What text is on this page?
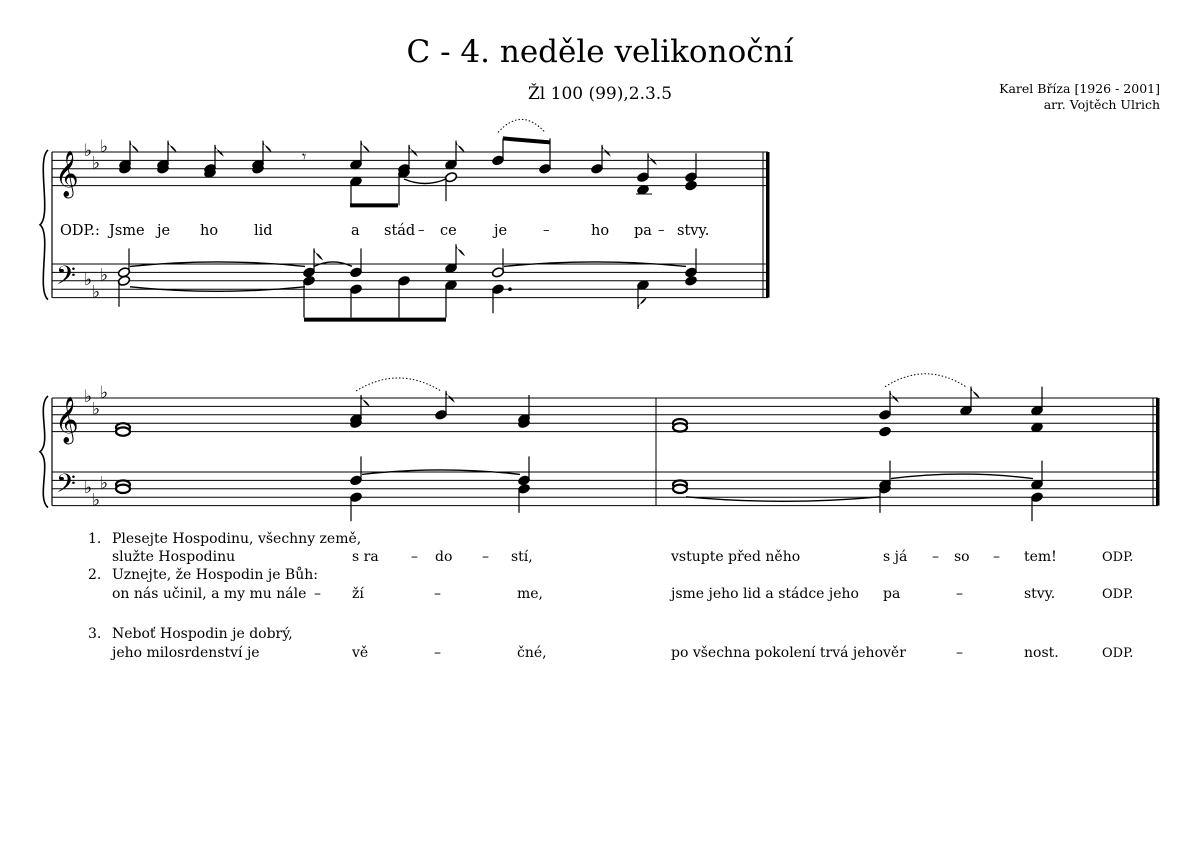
C - 4. neděle velikonoční
Žl 100 (99),2.3.5	Karel Bříza [1926 - 2001]
arr. Vojtěch Ulrich
𝄞
𝄢
♭
♭
♭
♭
♭
♭
𝄾
𝄞
𝄢
♭
♭
♭
♭
♭
♭
ODP.: Jsme je ho lid	a stád – ce	je	–	ho pa – stvy.
1. Plesejte Hospodinu, všechny země,
služte Hospodinu	s ra – do – stí,	vstupte před něho	s já – so – tem!	ODP.
2. Uznejte, že Hospodin je Bůh:
on nás učinil, a my mu nále – ží	–	me,	jsme jeho lid a stádce jeho pa	–	stvy.	ODP.
3. Neboť Hospodin je dobrý,
jeho milosrdenství je	vě	–	čné,	po všechna pokolení trvá jeho věr	–	nost.	ODP.
